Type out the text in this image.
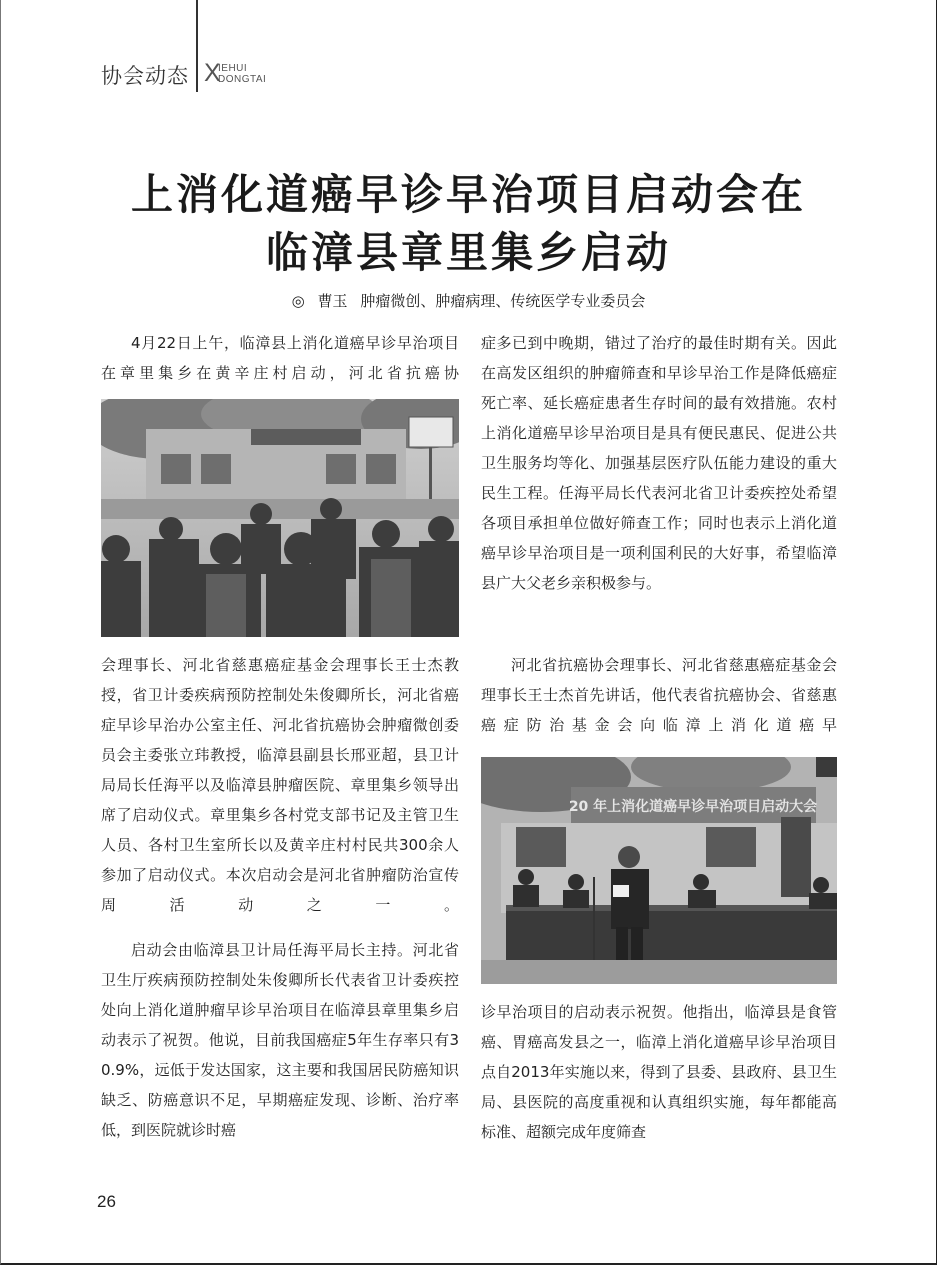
协会动态 X
IEHUI
DONGTAI
上消化道癌早诊早治项目启动会在
临漳县章里集乡启动
◎ 曹玉 肿瘤微创、肿瘤病理、传统医学专业委员会
4月22日上午，临漳县上消化道癌早诊早治项目在章里集乡在黄辛庄村启动，河北省抗癌协
会理事长、河北省慈惠癌症基金会理事长王士杰教授，省卫计委疾病预防控制处朱俊卿所长，河北省癌症早诊早治办公室主任、河北省抗癌协会肿瘤微创委员会主委张立玮教授，临漳县副县长邢亚超，县卫计局局长任海平以及临漳县肿瘤医院、章里集乡领导出席了启动仪式。章里集乡各村党支部书记及主管卫生人员、各村卫生室所长以及黄辛庄村村民共300余人参加了启动仪式。本次启动会是河北省肿瘤防治宣传周活动之一。
启动会由临漳县卫计局任海平局长主持。河北省卫生厅疾病预防控制处朱俊卿所长代表省卫计委疾控处向上消化道肿瘤早诊早治项目在临漳县章里集乡启动表示了祝贺。他说，目前我国癌症5年生存率只有30.9%，远低于发达国家，这主要和我国居民防癌知识缺乏、防癌意识不足，早期癌症发现、诊断、治疗率低，到医院就诊时癌
症多已到中晚期，错过了治疗的最佳时期有关。因此在高发区组织的肿瘤筛查和早诊早治工作是降低癌症死亡率、延长癌症患者生存时间的最有效措施。农村上消化道癌早诊早治项目是具有便民惠民、促进公共卫生服务均等化、加强基层医疗队伍能力建设的重大民生工程。任海平局长代表河北省卫计委疾控处希望各项目承担单位做好筛查工作；同时也表示上消化道癌早诊早治项目是一项利国利民的大好事，希望临漳县广大父老乡亲积极参与。
河北省抗癌协会理事长、河北省慈惠癌症基金会理事长王士杰首先讲话，他代表省抗癌协会、省慈惠癌症防治基金会向临漳上消化道癌早
20 年上消化道癌早诊早治项目启动大会
诊早治项目的启动表示祝贺。他指出，临漳县是食管癌、胃癌高发县之一，临漳上消化道癌早诊早治项目点自2013年实施以来，得到了县委、县政府、县卫生局、县医院的高度重视和认真组织实施，每年都能高标准、超额完成年度筛查
26
